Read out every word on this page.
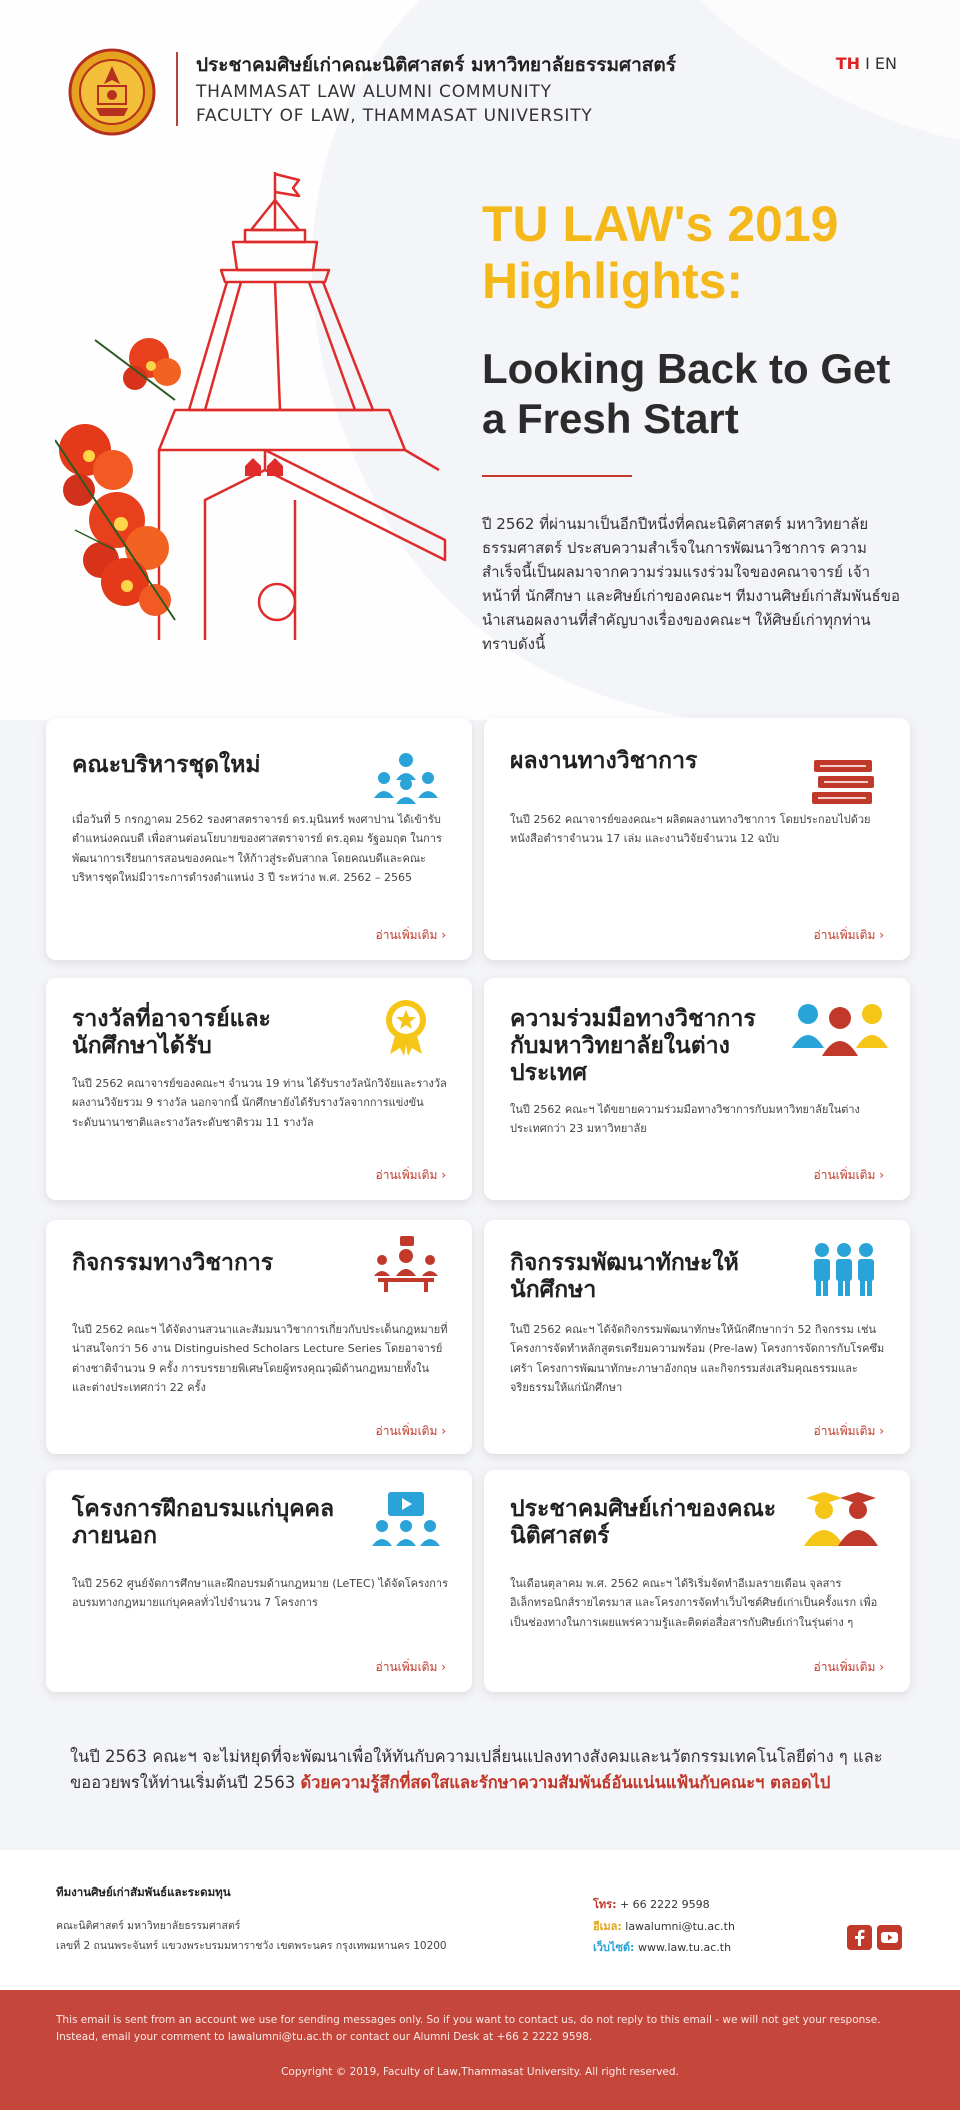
ประชาคมศิษย์เก่าคณะนิติศาสตร์ มหาวิทยาลัยธรรมศาสตร์
THAMMASAT LAW ALUMNI COMMUNITY
FACULTY OF LAW, THAMMASAT UNIVERSITY
TH I EN
TU LAW's 2019 Highlights:
Looking Back to Get a Fresh Start
ปี 2562 ที่ผ่านมาเป็นอีกปีหนึ่งที่คณะนิติศาสตร์ มหาวิทยาลัยธรรมศาสตร์ ประสบความสำเร็จในการพัฒนาวิชาการ ความสำเร็จนี้เป็นผลมาจากความร่วมแรงร่วมใจของคณาจารย์ เจ้าหน้าที่ นักศึกษา และศิษย์เก่าของคณะฯ ทีมงานศิษย์เก่าสัมพันธ์ขอนำเสนอผลงานที่สำคัญบางเรื่องของคณะฯ ให้ศิษย์เก่าทุกท่านทราบดังนี้
คณะบริหารชุดใหม่
เมื่อวันที่ 5 กรกฎาคม 2562 รองศาสตราจารย์ ดร.มุนินทร์ พงศาปาน ได้เข้ารับตำแหน่งคณบดี เพื่อสานต่อนโยบายของศาสตราจารย์ ดร.อุดม รัฐอมฤต ในการพัฒนาการเรียนการสอนของคณะฯ ให้ก้าวสู่ระดับสากล โดยคณบดีและคณะบริหารชุดใหม่มีวาระการดำรงตำแหน่ง 3 ปี ระหว่าง พ.ศ. 2562 – 2565
อ่านเพิ่มเติม ›
ผลงานทางวิชาการ
ในปี 2562 คณาจารย์ของคณะฯ ผลิตผลงานทางวิชาการ โดยประกอบไปด้วยหนังสือตำราจำนวน 17 เล่ม และงานวิจัยจำนวน 12 ฉบับ
อ่านเพิ่มเติม ›
รางวัลที่อาจารย์และนักศึกษาได้รับ
ในปี 2562 คณาจารย์ของคณะฯ จำนวน 19 ท่าน ได้รับรางวัลนักวิจัยและรางวัลผลงานวิจัยรวม 9 รางวัล นอกจากนี้ นักศึกษายังได้รับรางวัลจากการแข่งขันระดับนานาชาติและรางวัลระดับชาติรวม 11 รางวัล
อ่านเพิ่มเติม ›
ความร่วมมือทางวิชาการกับมหาวิทยาลัยในต่างประเทศ
ในปี 2562 คณะฯ ได้ขยายความร่วมมือทางวิชาการกับมหาวิทยาลัยในต่างประเทศกว่า 23 มหาวิทยาลัย
อ่านเพิ่มเติม ›
กิจกรรมทางวิชาการ
ในปี 2562 คณะฯ ได้จัดงานสวนาและสัมมนาวิชาการเกี่ยวกับประเด็นกฎหมายที่น่าสนใจกว่า 56 งาน Distinguished Scholars Lecture Series โดยอาจารย์ต่างชาติจำนวน 9 ครั้ง การบรรยายพิเศษโดยผู้ทรงคุณวุฒิด้านกฎหมายทั้งในและต่างประเทศกว่า 22 ครั้ง
อ่านเพิ่มเติม ›
กิจกรรมพัฒนาทักษะให้นักศึกษา
ในปี 2562 คณะฯ ได้จัดกิจกรรมพัฒนาทักษะให้นักศึกษากว่า 52 กิจกรรม เช่น โครงการจัดทำหลักสูตรเตรียมความพร้อม (Pre-law) โครงการจัดการกับโรคซึมเศร้า โครงการพัฒนาทักษะภาษาอังกฤษ และกิจกรรมส่งเสริมคุณธรรมและจริยธรรมให้แก่นักศึกษา
อ่านเพิ่มเติม ›
โครงการฝึกอบรมแก่บุคคลภายนอก
ในปี 2562 ศูนย์จัดการศึกษาและฝึกอบรมด้านกฎหมาย (LeTEC) ได้จัดโครงการอบรมทางกฎหมายแก่บุคคลทั่วไปจำนวน 7 โครงการ
อ่านเพิ่มเติม ›
ประชาคมศิษย์เก่าของคณะนิติศาสตร์
ในเดือนตุลาคม พ.ศ. 2562 คณะฯ ได้ริเริ่มจัดทำอีเมลรายเดือน จุลสารอิเล็กทรอนิกส์รายไตรมาส และโครงการจัดทำเว็บไซต์ศิษย์เก่าเป็นครั้งแรก เพื่อเป็นช่องทางในการเผยแพร่ความรู้และติดต่อสื่อสารกับศิษย์เก่าในรุ่นต่าง ๆ
อ่านเพิ่มเติม ›
ในปี 2563 คณะฯ จะไม่หยุดที่จะพัฒนาเพื่อให้ทันกับความเปลี่ยนแปลงทางสังคมและนวัตกรรมเทคโนโลยีต่าง ๆ และขออวยพรให้ท่านเริ่มต้นปี 2563 ด้วยความรู้สึกที่สดใสและรักษาความสัมพันธ์อันแน่นแฟ้นกับคณะฯ ตลอดไป
ทีมงานศิษย์เก่าสัมพันธ์และระดมทุน
คณะนิติศาสตร์ มหาวิทยาลัยธรรมศาสตร์
เลขที่ 2 ถนนพระจันทร์ แขวงพระบรมมหาราชวัง เขตพระนคร กรุงเทพมหานคร 10200
โทร: + 66 2222 9598
อีเมล: lawalumni@tu.ac.th
เว็บไซต์: www.law.tu.ac.th
This email is sent from an account we use for sending messages only. So if you want to contact us, do not reply to this email - we will not get your response.
Instead, email your comment to lawalumni@tu.ac.th or contact our Alumni Desk at +66 2 2222 9598.
Copyright © 2019, Faculty of Law,Thammasat University. All right reserved.
